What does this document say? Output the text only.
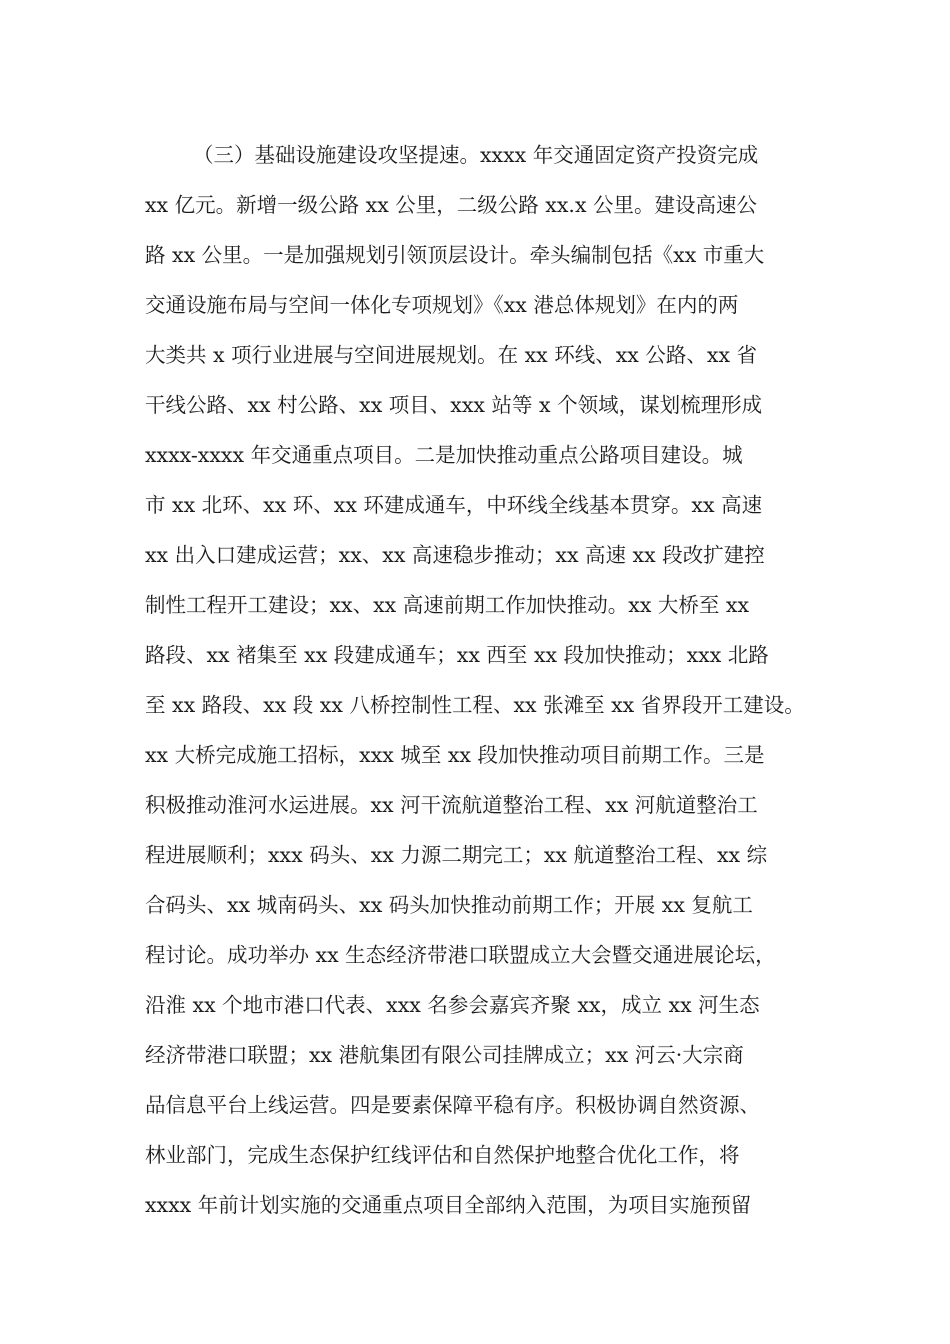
（三）基础设施建设攻坚提速。xxxx 年交通固定资产投资完成
xx 亿元。新增一级公路 xx 公里，二级公路 xx.x 公里。建设高速公
路 xx 公里。一是加强规划引领顶层设计。牵头编制包括《xx 市重大
交通设施布局与空间一体化专项规划》《xx 港总体规划》在内的两
大类共 x 项行业进展与空间进展规划。在 xx 环线、xx 公路、xx 省
干线公路、xx 村公路、xx 项目、xxx 站等 x 个领域，谋划梳理形成
xxxx-xxxx 年交通重点项目。二是加快推动重点公路项目建设。城
市 xx 北环、xx 环、xx 环建成通车，中环线全线基本贯穿。xx 高速
xx 出入口建成运营；xx、xx 高速稳步推动；xx 高速 xx 段改扩建控
制性工程开工建设；xx、xx 高速前期工作加快推动。xx 大桥至 xx
路段、xx 褚集至 xx 段建成通车；xx 西至 xx 段加快推动；xxx 北路
至 xx 路段、xx 段 xx 八桥控制性工程、xx 张滩至 xx 省界段开工建设。
xx 大桥完成施工招标，xxx 城至 xx 段加快推动项目前期工作。三是
积极推动淮河水运进展。xx 河干流航道整治工程、xx 河航道整治工
程进展顺利；xxx 码头、xx 力源二期完工；xx 航道整治工程、xx 综
合码头、xx 城南码头、xx 码头加快推动前期工作；开展 xx 复航工
程讨论。成功举办 xx 生态经济带港口联盟成立大会暨交通进展论坛，
沿淮 xx 个地市港口代表、xxx 名参会嘉宾齐聚 xx，成立 xx 河生态
经济带港口联盟；xx 港航集团有限公司挂牌成立；xx 河云·大宗商
品信息平台上线运营。四是要素保障平稳有序。积极协调自然资源、
林业部门，完成生态保护红线评估和自然保护地整合优化工作，将
xxxx 年前计划实施的交通重点项目全部纳入范围，为项目实施预留
